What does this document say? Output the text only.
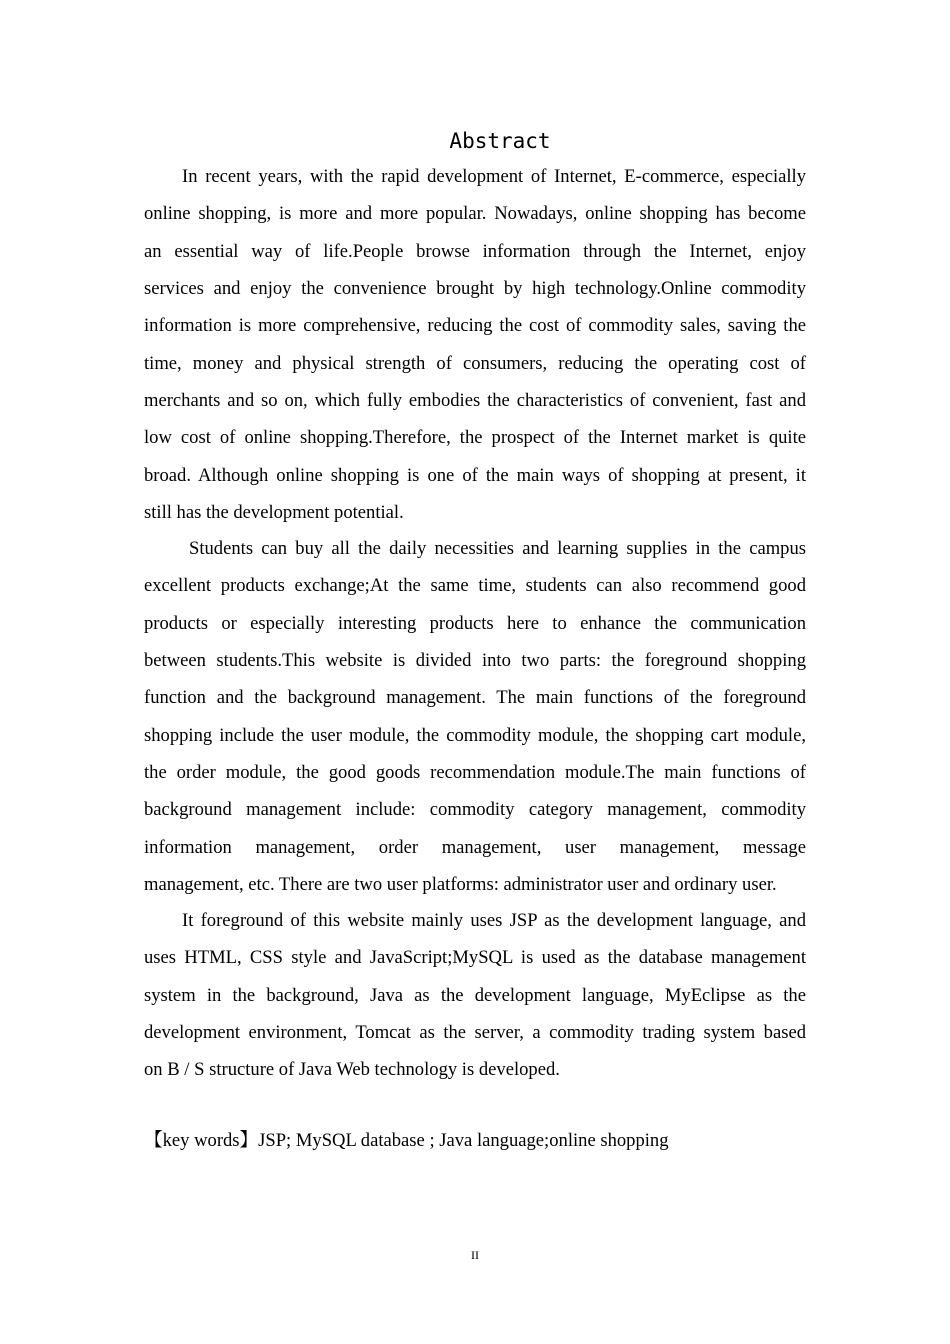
Abstract
In recent years, with the rapid development of Internet, E-commerce, especially
online shopping, is more and more popular. Nowadays, online shopping has become
an essential way of life.People browse information through the Internet, enjoy
services and enjoy the convenience brought by high technology.Online commodity
information is more comprehensive, reducing the cost of commodity sales, saving the
time, money and physical strength of consumers, reducing the operating cost of
merchants and so on, which fully embodies the characteristics of convenient, fast and
low cost of online shopping.Therefore, the prospect of the Internet market is quite
broad. Although online shopping is one of the main ways of shopping at present, it
still has the development potential.
Students can buy all the daily necessities and learning supplies in the campus
excellent products exchange;At the same time, students can also recommend good
products or especially interesting products here to enhance the communication
between students.This website is divided into two parts: the foreground shopping
function and the background management. The main functions of the foreground
shopping include the user module, the commodity module, the shopping cart module,
the order module, the good goods recommendation module.The main functions of
background management include: commodity category management, commodity
information management, order management, user management, message
management, etc. There are two user platforms: administrator user and ordinary user.
It foreground of this website mainly uses JSP as the development language, and
uses HTML, CSS style and JavaScript;MySQL is used as the database management
system in the background, Java as the development language, MyEclipse as the
development environment, Tomcat as the server, a commodity trading system based
on B / S structure of Java Web technology is developed.
【key words】JSP; MySQL database ; Java language;online shopping
II
